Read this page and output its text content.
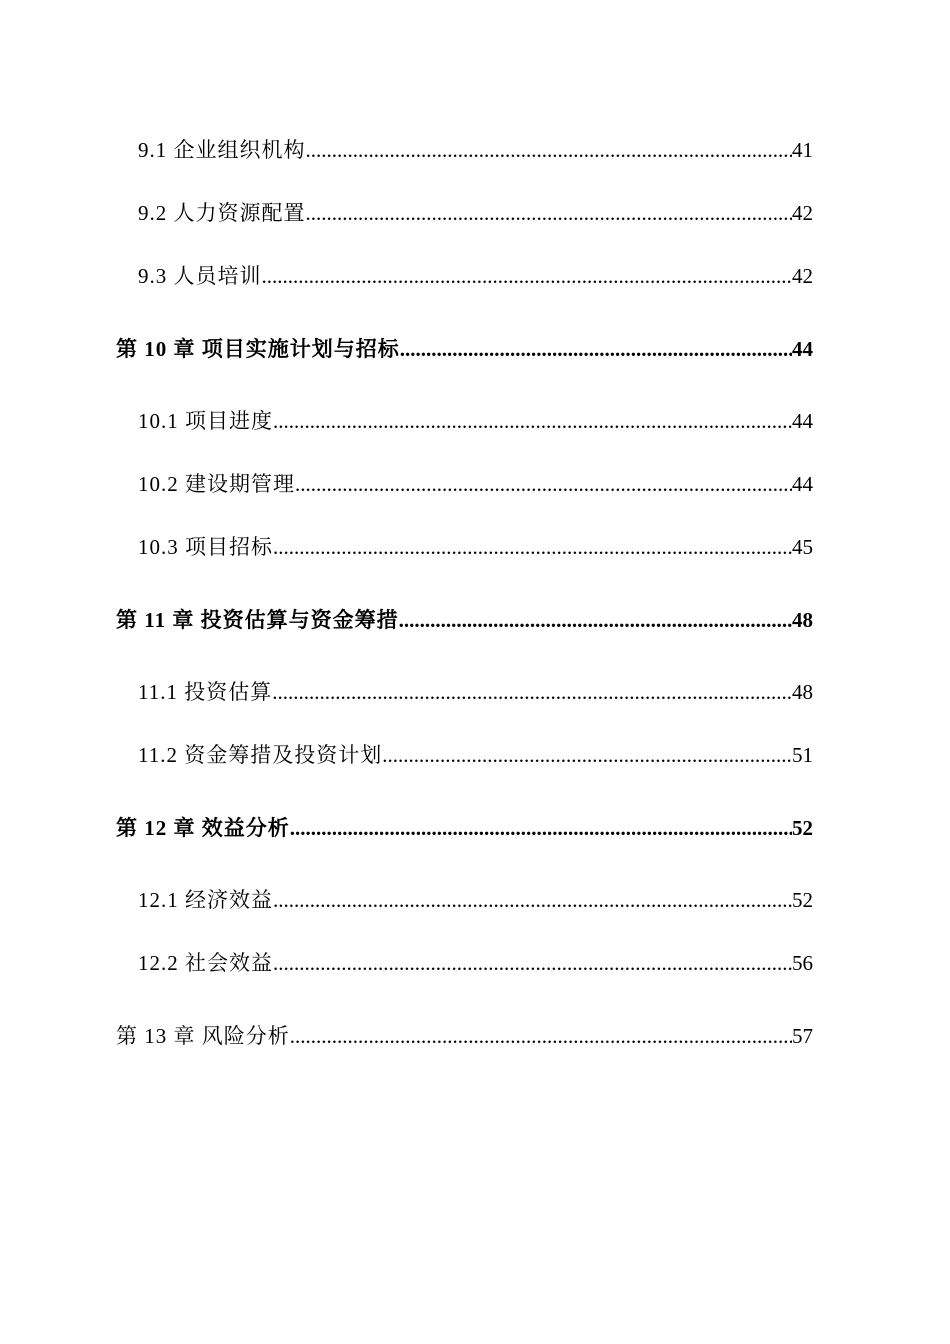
9.1 企业组织机构 .....	41
9.2 人力资源配置 .....	42
9.3 人员培训 .....	42
第 10 章 项目实施计划与招标 .....	44
10.1 项目进度 .....	44
10.2 建设期管理 .....	44
10.3 项目招标 .....	45
第 11 章 投资估算与资金筹措 .....	48
11.1 投资估算 .....	48
11.2 资金筹措及投资计划 .....	51
第 12 章 效益分析 .....	52
12.1 经济效益 .....	52
12.2 社会效益 .....	56
第 13 章 风险分析 .....	57
